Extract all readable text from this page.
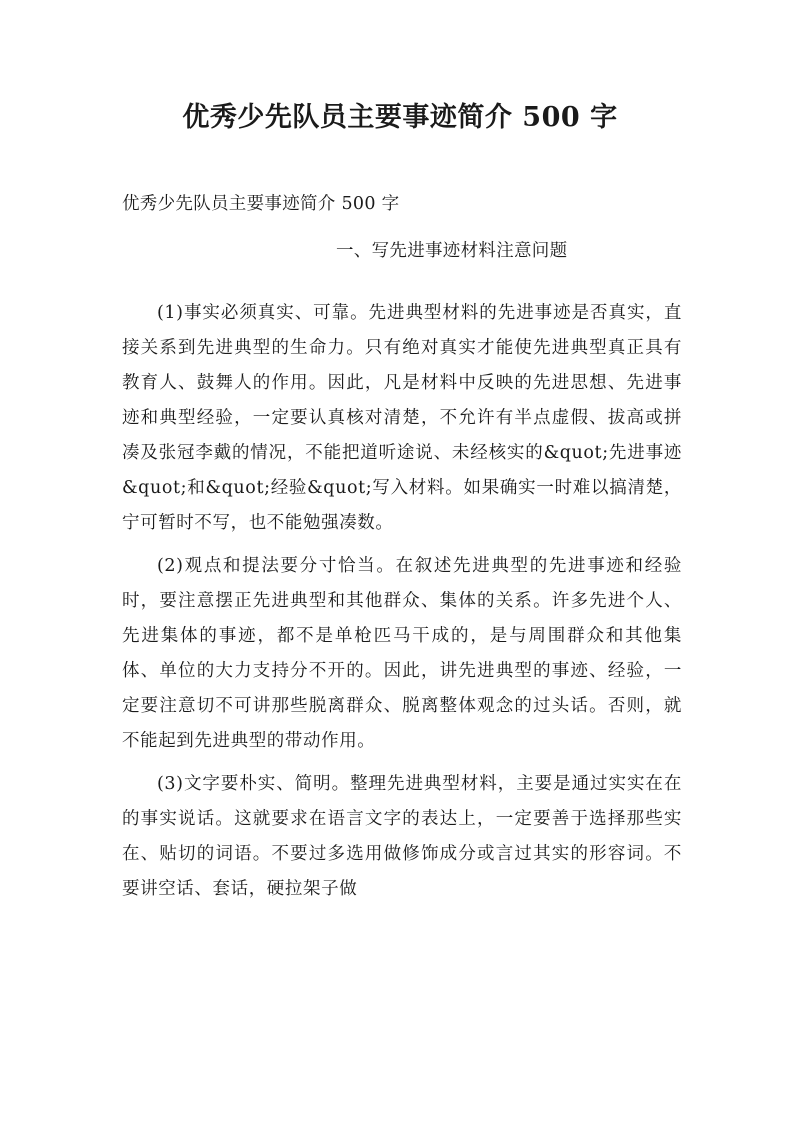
优秀少先队员主要事迹简介 500 字

优秀少先队员主要事迹简介 500 字

一、写先进事迹材料注意问题

(1)事实必须真实、可靠。先进典型材料的先进事迹是否真实，直接关系到先进典型的生命力。只有绝对真实才能使先进典型真正具有教育人、鼓舞人的作用。因此，凡是材料中反映的先进思想、先进事迹和典型经验，一定要认真核对清楚，不允许有半点虚假、拔高或拼凑及张冠李戴的情况，不能把道听途说、未经核实的&quot;先进事迹&quot;和&quot;经验&quot;写入材料。如果确实一时难以搞清楚，宁可暂时不写，也不能勉强凑数。

(2)观点和提法要分寸恰当。在叙述先进典型的先进事迹和经验时，要注意摆正先进典型和其他群众、集体的关系。许多先进个人、先进集体的事迹，都不是单枪匹马干成的，是与周围群众和其他集体、单位的大力支持分不开的。因此，讲先进典型的事迹、经验，一定要注意切不可讲那些脱离群众、脱离整体观念的过头话。否则，就不能起到先进典型的带动作用。

(3)文字要朴实、简明。整理先进典型材料，主要是通过实实在在的事实说话。这就要求在语言文字的表达上，一定要善于选择那些实在、贴切的词语。不要过多选用做修饰成分或言过其实的形容词。不要讲空话、套话，硬拉架子做
